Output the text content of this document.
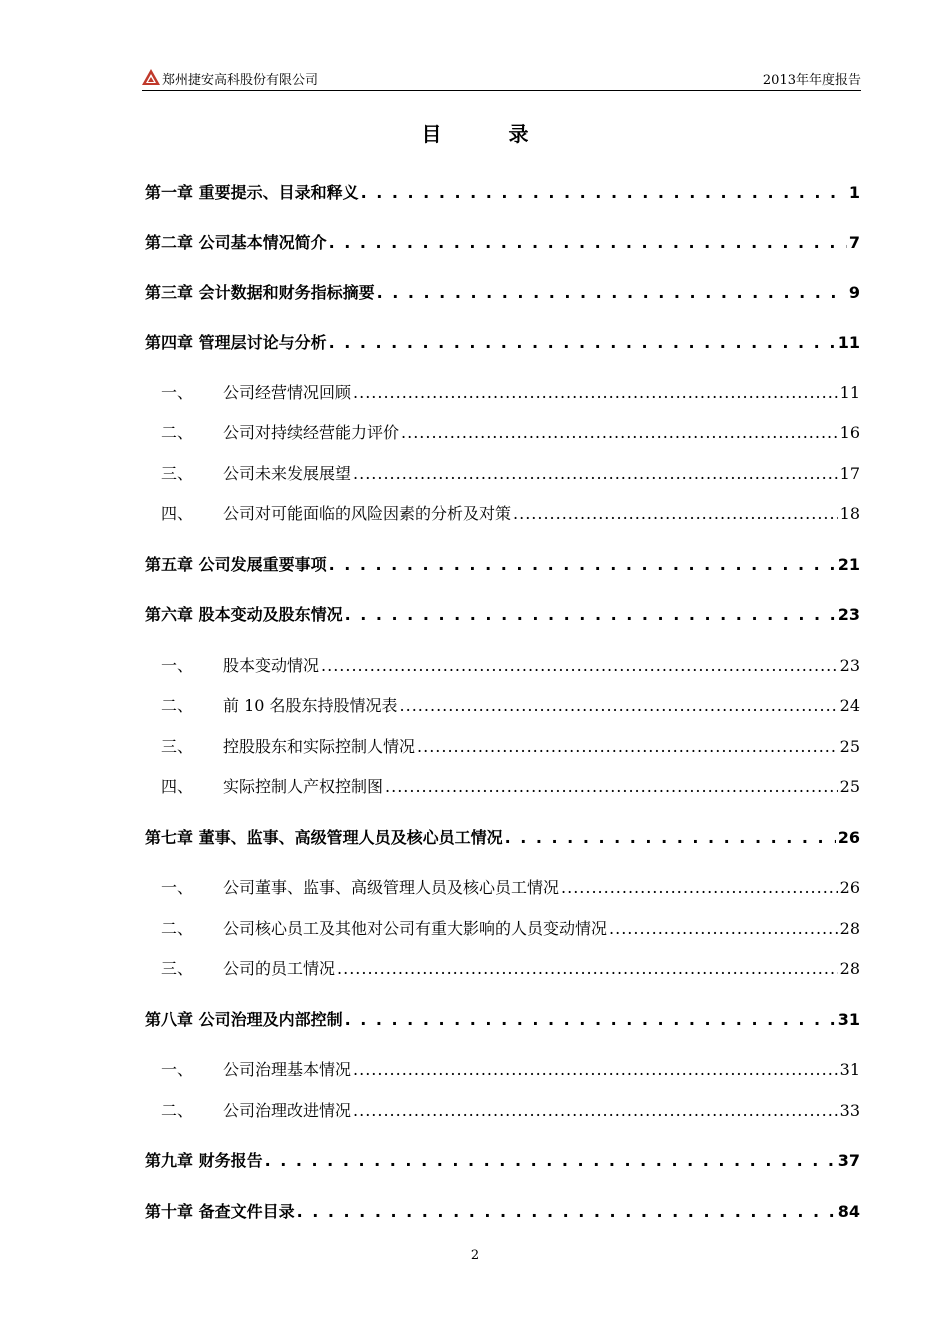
郑州捷安高科股份有限公司	2013年年度报告
目 录
第一章 重要提示、目录和释义 . . .	1
第二章 公司基本情况简介 . . .	7
第三章 会计数据和财务指标摘要 . . .	9
第四章 管理层讨论与分析 . . .	11
一、	公司经营情况回顾 .....	11
二、	公司对持续经营能力评价 .....	16
三、	公司未来发展展望 .....	17
四、	公司对可能面临的风险因素的分析及对策 .....	18
第五章 公司发展重要事项 . . .	21
第六章 股本变动及股东情况 . . .	23
一、	股本变动情况 .....	23
二、	前 10 名股东持股情况表 .....	24
三、	控股股东和实际控制人情况 .....	25
四、	实际控制人产权控制图 .....	25
第七章 董事、监事、高级管理人员及核心员工情况 . . .	26
一、	公司董事、监事、高级管理人员及核心员工情况 .....	26
二、	公司核心员工及其他对公司有重大影响的人员变动情况 .....	28
三、	公司的员工情况 .....	28
第八章 公司治理及内部控制 . . .	31
一、	公司治理基本情况 .....	31
二、	公司治理改进情况 .....	33
第九章 财务报告 . . .	37
第十章 备查文件目录 . . .	84
2
